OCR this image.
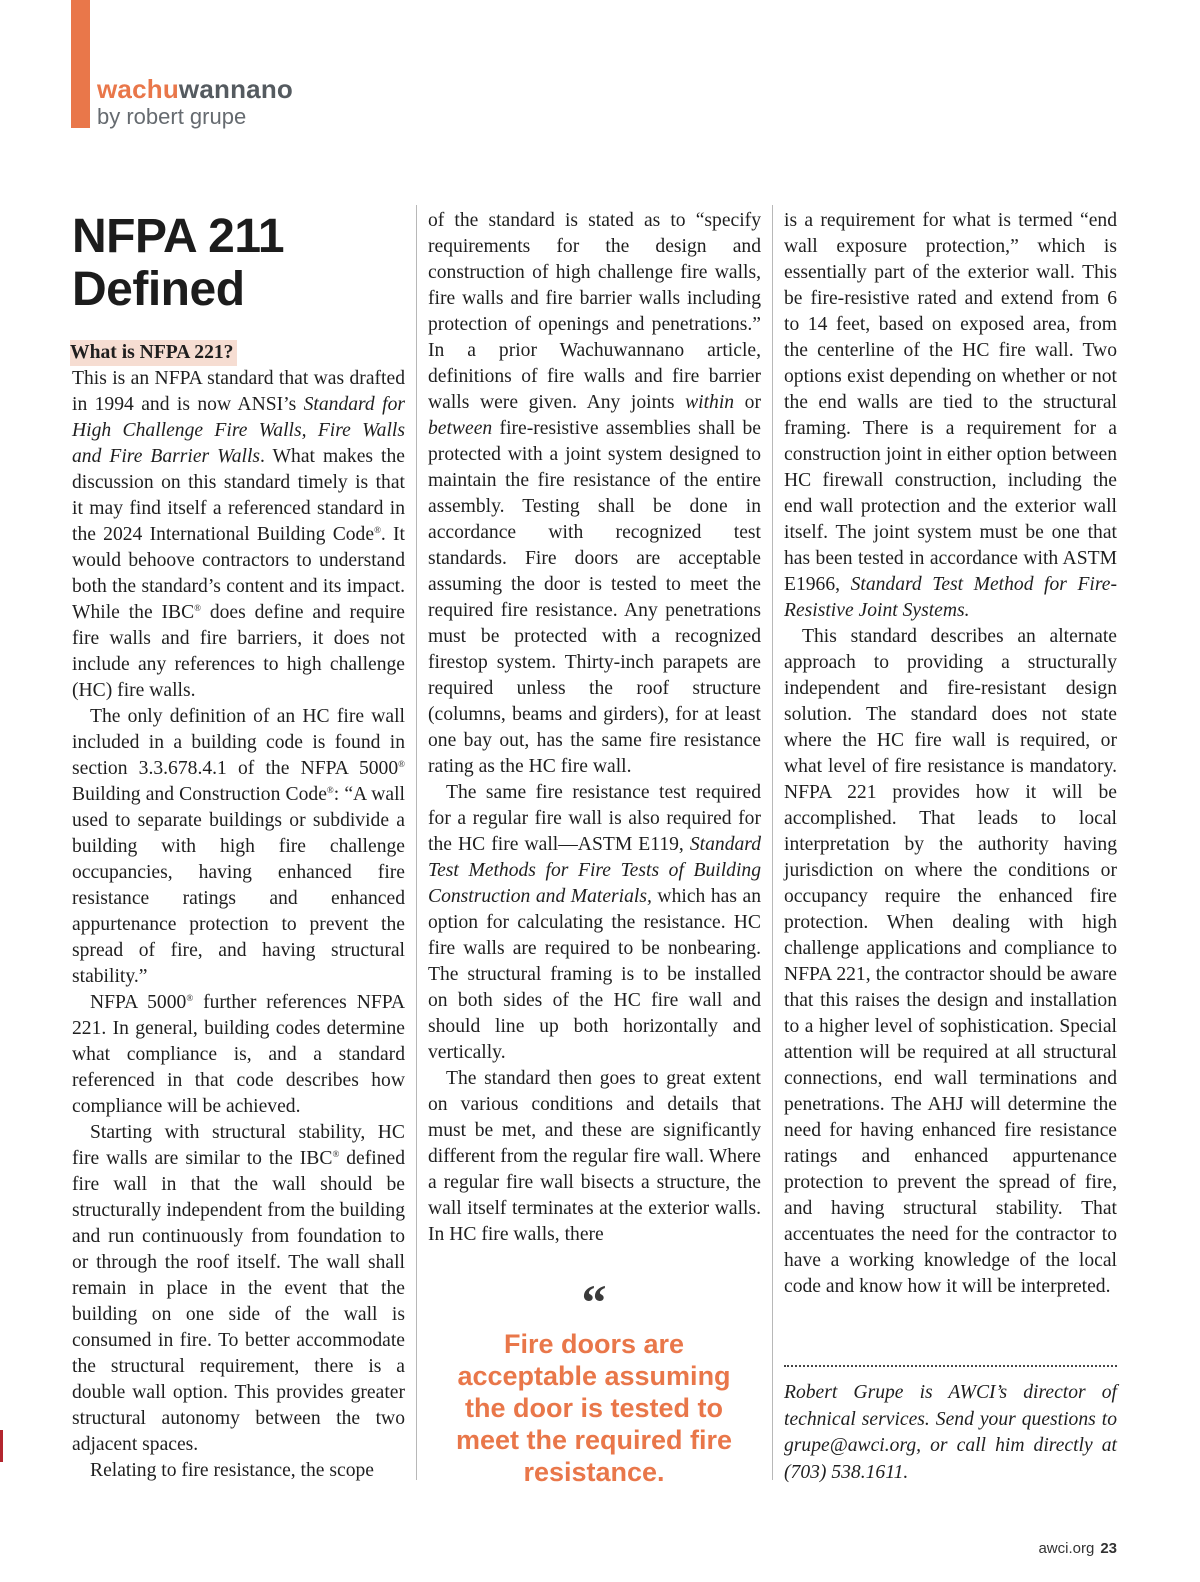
wachuwannano
by robert grupe
NFPA 211
Defined
What is NFPA 221?

This is an NFPA standard that was drafted in 1994 and is now ANSI’s Standard for High Challenge Fire Walls, Fire Walls and Fire Barrier Walls. What makes the discussion on this standard timely is that it may find itself a referenced standard in the 2024 International Building Code®. It would behoove contractors to understand both the standard’s content and its impact. While the IBC® does define and require fire walls and fire barriers, it does not include any references to high challenge (HC) fire walls.

The only definition of an HC fire wall included in a building code is found in section 3.3.678.4.1 of the NFPA 5000® Building and Construction Code®: “A wall used to separate buildings or subdivide a building with high fire challenge occupancies, having enhanced fire resistance ratings and enhanced appurtenance protection to prevent the spread of fire, and having structural stability.”

NFPA 5000® further references NFPA 221. In general, building codes determine what compliance is, and a standard referenced in that code describes how compliance will be achieved.

Starting with structural stability, HC fire walls are similar to the IBC® defined fire wall in that the wall should be structurally independent from the building and run continuously from foundation to or through the roof itself. The wall shall remain in place in the event that the building on one side of the wall is consumed in fire. To better accommodate the structural requirement, there is a double wall option. This provides greater structural autonomy between the two adjacent spaces.

Relating to fire resistance, the scope

of the standard is stated as to “specify requirements for the design and construction of high challenge fire walls, fire walls and fire barrier walls including protection of openings and penetrations.” In a prior Wachuwannano article, definitions of fire walls and fire barrier walls were given. Any joints within or between fire-resistive assemblies shall be protected with a joint system designed to maintain the fire resistance of the entire assembly. Testing shall be done in accordance with recognized test standards. Fire doors are acceptable assuming the door is tested to meet the required fire resistance. Any penetrations must be protected with a recognized firestop system. Thirty-inch parapets are required unless the roof structure (columns, beams and girders), for at least one bay out, has the same fire resistance rating as the HC fire wall.

The same fire resistance test required for a regular fire wall is also required for the HC fire wall—ASTM E119, Standard Test Methods for Fire Tests of Building Construction and Materials, which has an option for calculating the resistance. HC fire walls are required to be nonbearing. The structural framing is to be installed on both sides of the HC fire wall and should line up both horizontally and vertically.

The standard then goes to great extent on various conditions and details that must be met, and these are significantly different from the regular fire wall. Where a regular fire wall bisects a structure, the wall itself terminates at the exterior walls. In HC fire walls, there

“
Fire doors are acceptable assuming the door is tested to meet the required fire resistance.

is a requirement for what is termed “end wall exposure protection,” which is essentially part of the exterior wall. This be fire-resistive rated and extend from 6 to 14 feet, based on exposed area, from the centerline of the HC fire wall. Two options exist depending on whether or not the end walls are tied to the structural framing. There is a requirement for a construction joint in either option between HC firewall construction, including the end wall protection and the exterior wall itself. The joint system must be one that has been tested in accordance with ASTM E1966, Standard Test Method for Fire-Resistive Joint Systems.

This standard describes an alternate approach to providing a structurally independent and fire-resistant design solution. The standard does not state where the HC fire wall is required, or what level of fire resistance is mandatory. NFPA 221 provides how it will be accomplished. That leads to local interpretation by the authority having jurisdiction on where the conditions or occupancy require the enhanced fire protection. When dealing with high challenge applications and compliance to NFPA 221, the contractor should be aware that this raises the design and installation to a higher level of sophistication. Special attention will be required at all structural connections, end wall terminations and penetrations. The AHJ will determine the need for having enhanced fire resistance ratings and enhanced appurtenance protection to prevent the spread of fire, and having structural stability. That accentuates the need for the contractor to have a working knowledge of the local code and know how it will be interpreted.

Robert Grupe is AWCI’s director of technical services. Send your questions to grupe@awci.org, or call him directly at (703) 538.1611.
awci.org 23
